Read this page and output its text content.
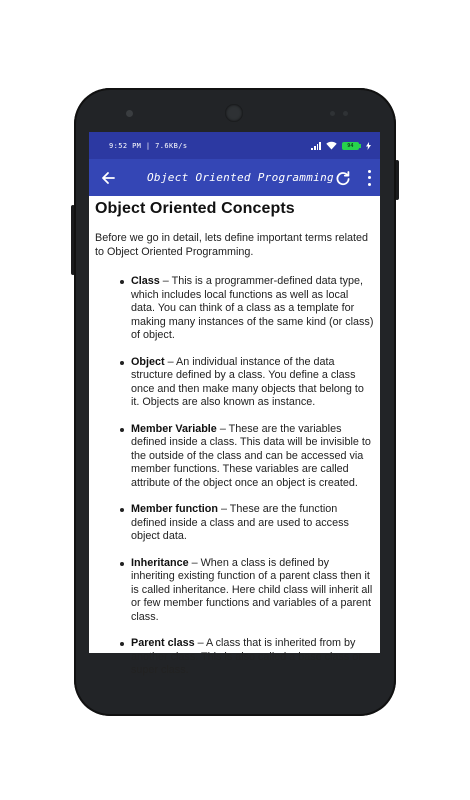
9:52 PM | 7.6KB/s	94
Object Oriented Programming
Object Oriented Concepts

Before we go in detail, lets define important terms related to Object Oriented Programming.

Class – This is a programmer-defined data type, which includes local functions as well as local data. You can think of a class as a template for making many instances of the same kind (or class) of object.
Object – An individual instance of the data structure defined by a class. You define a class once and then make many objects that belong to it. Objects are also known as instance.
Member Variable – These are the variables defined inside a class. This data will be invisible to the outside of the class and can be accessed via member functions. These variables are called attribute of the object once an object is created.
Member function – These are the function defined inside a class and are used to access object data.
Inheritance – When a class is defined by inheriting existing function of a parent class then it is called inheritance. Here child class will inherit all or few member functions and variables of a parent class.
Parent class – A class that is inherited from by another class. This is also called a base class or super class.
